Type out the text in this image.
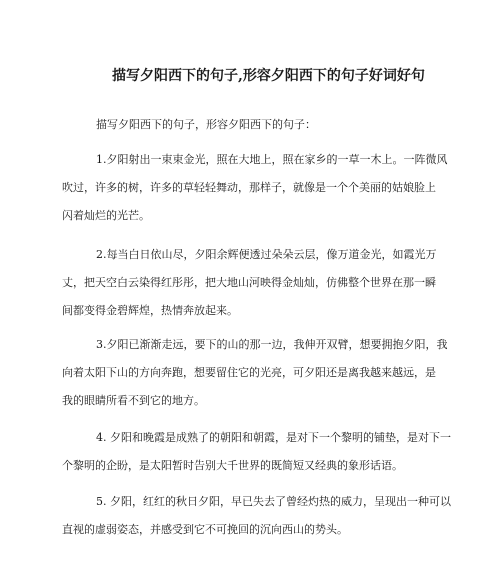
描写夕阳西下的句子,形容夕阳西下的句子好词好句
描写夕阳西下的句子，形容夕阳西下的句子：
1.夕阳射出一束束金光，照在大地上，照在家乡的一草一木上。一阵微风
吹过，许多的树，许多的草轻轻舞动，那样子，就像是一个个美丽的姑娘脸上
闪着灿烂的光芒。
2.每当白日依山尽，夕阳余辉便透过朵朵云层，像万道金光，如霞光万
丈，把天空白云染得红彤彤，把大地山河映得金灿灿，仿佛整个世界在那一瞬
间都变得金碧辉煌，热情奔放起来。
3.夕阳已渐渐走远，要下的山的那一边，我伸开双臂，想要拥抱夕阳，我
向着太阳下山的方向奔跑，想要留住它的光亮，可夕阳还是离我越来越远，是
我的眼睛所看不到它的地方。
4. 夕阳和晚霞是成熟了的朝阳和朝霞，是对下一个黎明的铺垫，是对下一
个黎明的企盼，是太阳暂时告别大千世界的既简短又经典的象形话语。
5. 夕阳，红红的秋日夕阳，早已失去了曾经灼热的威力，呈现出一种可以
直视的虚弱姿态，并感受到它不可挽回的沉向西山的势头。
